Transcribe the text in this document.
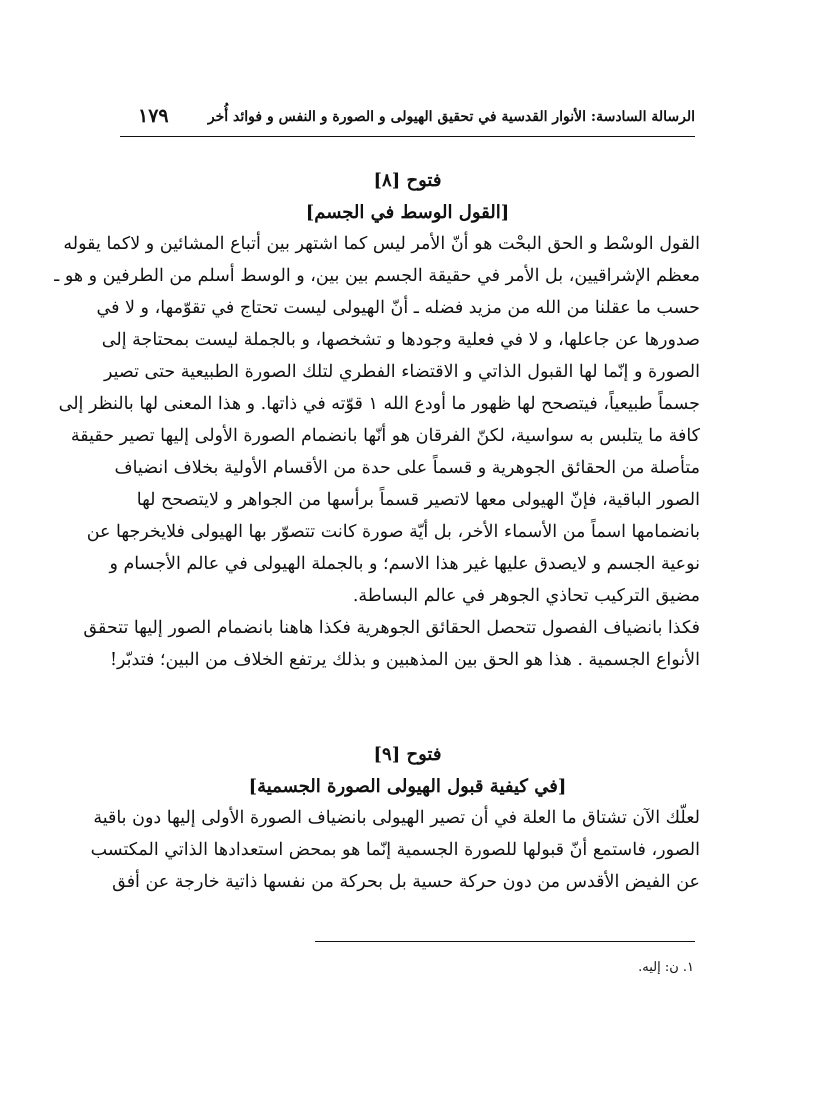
الرسالة السادسة: الأنوار القدسية في تحقيق الهيولى و الصورة و النفس و فوائد أُخر
١٧٩
فتوح [٨]
[القول الوسط في الجسم]
القول الوسْط و الحق البحْت هو أنّ الأمر ليس كما اشتهر بين أتباع المشائين و لاكما يقوله
معظم الإشراقيين، بل الأمر في حقيقة الجسم بين بين، و الوسط أسلم من الطرفين و هو ـ
حسب ما عقلنا من الله من مزيد فضله ـ أنّ الهيولى ليست تحتاج في تقوّمها، و لا في
صدورها عن جاعلها، و لا في فعلية وجودها و تشخصها، و بالجملة ليست بمحتاجة إلى
الصورة و إنّما لها القبول الذاتي و الاقتضاء الفطري لتلك الصورة الطبيعية حتى تصير
جسماً طبيعياً، فيتصحح لها ظهور ما أودع الله ١ قوّته في ذاتها. و هذا المعنى لها بالنظر إلى
كافة ما يتلبس به سواسية، لكنّ الفرقان هو أنّها بانضمام الصورة الأولى إليها تصير حقيقة
متأصلة من الحقائق الجوهرية و قسماً على حدة من الأقسام الأولية بخلاف انضياف
الصور الباقية، فإنّ الهيولى معها لاتصير قسماً برأسها من الجواهر و لايتصحح لها
بانضمامها اسماً من الأسماء الأخر، بل أيّة صورة كانت تتصوّر بها الهيولى فلايخرجها عن
نوعية الجسم و لايصدق عليها غير هذا الاسم؛ و بالجملة الهيولى في عالم الأجسام و
مضيق التركيب تحاذي الجوهر في عالم البساطة.
فكذا بانضياف الفصول تتحصل الحقائق الجوهرية فكذا هاهنا بانضمام الصور إليها تتحقق
الأنواع الجسمية . هذا هو الحق بين المذهبين و بذلك يرتفع الخلاف من البين؛ فتدبّر!
فتوح [٩]
[في كيفية قبول الهيولى الصورة الجسمية]
لعلّك الآن تشتاق ما العلة في أن تصير الهيولى بانضياف الصورة الأولى إليها دون باقية
الصور، فاستمع أنّ قبولها للصورة الجسمية إنّما هو بمحض استعدادها الذاتي المكتسب
عن الفيض الأقدس من دون حركة حسية بل بحركة من نفسها ذاتية خارجة عن أفق
١. ن: إليه.
